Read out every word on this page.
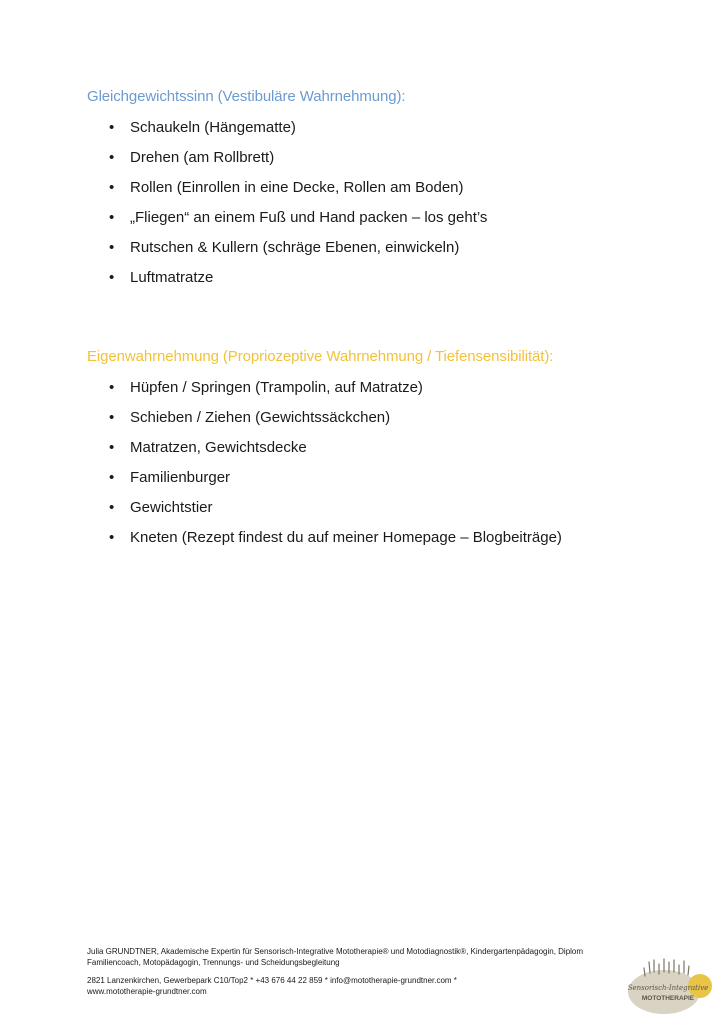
Gleichgewichtssinn (Vestibuläre Wahrnehmung):
• Schaukeln (Hängematte)
• Drehen (am Rollbrett)
• Rollen (Einrollen in eine Decke, Rollen am Boden)
• „Fliegen“ an einem Fuß und Hand packen – los geht’s
• Rutschen & Kullern (schräge Ebenen, einwickeln)
• Luftmatratze
Eigenwahrnehmung (Propriozeptive Wahrnehmung / Tiefensensibilität):
• Hüpfen / Springen (Trampolin, auf Matratze)
• Schieben / Ziehen (Gewichtssäckchen)
• Matratzen, Gewichtsdecke
• Familienburger
• Gewichtstier
• Kneten (Rezept findest du auf meiner Homepage – Blogbeiträge)

Julia GRUNDTNER, Akademische Expertin für Sensorisch-Integrative Mototherapie® und Motodiagnostik®, Kindergartenpädagogin, Diplom

Familiencoach, Motopädagogin, Trennungs- und Scheidungsbegleitung

2821 Lanzenkirchen, Gewerbepark C10/Top2 * +43 676 44 22 859 * info@mototherapie-grundtner.com *

www.mototherapie-grundtner.com	Sensorisch-Integrative
MOTOTHERAPIE
